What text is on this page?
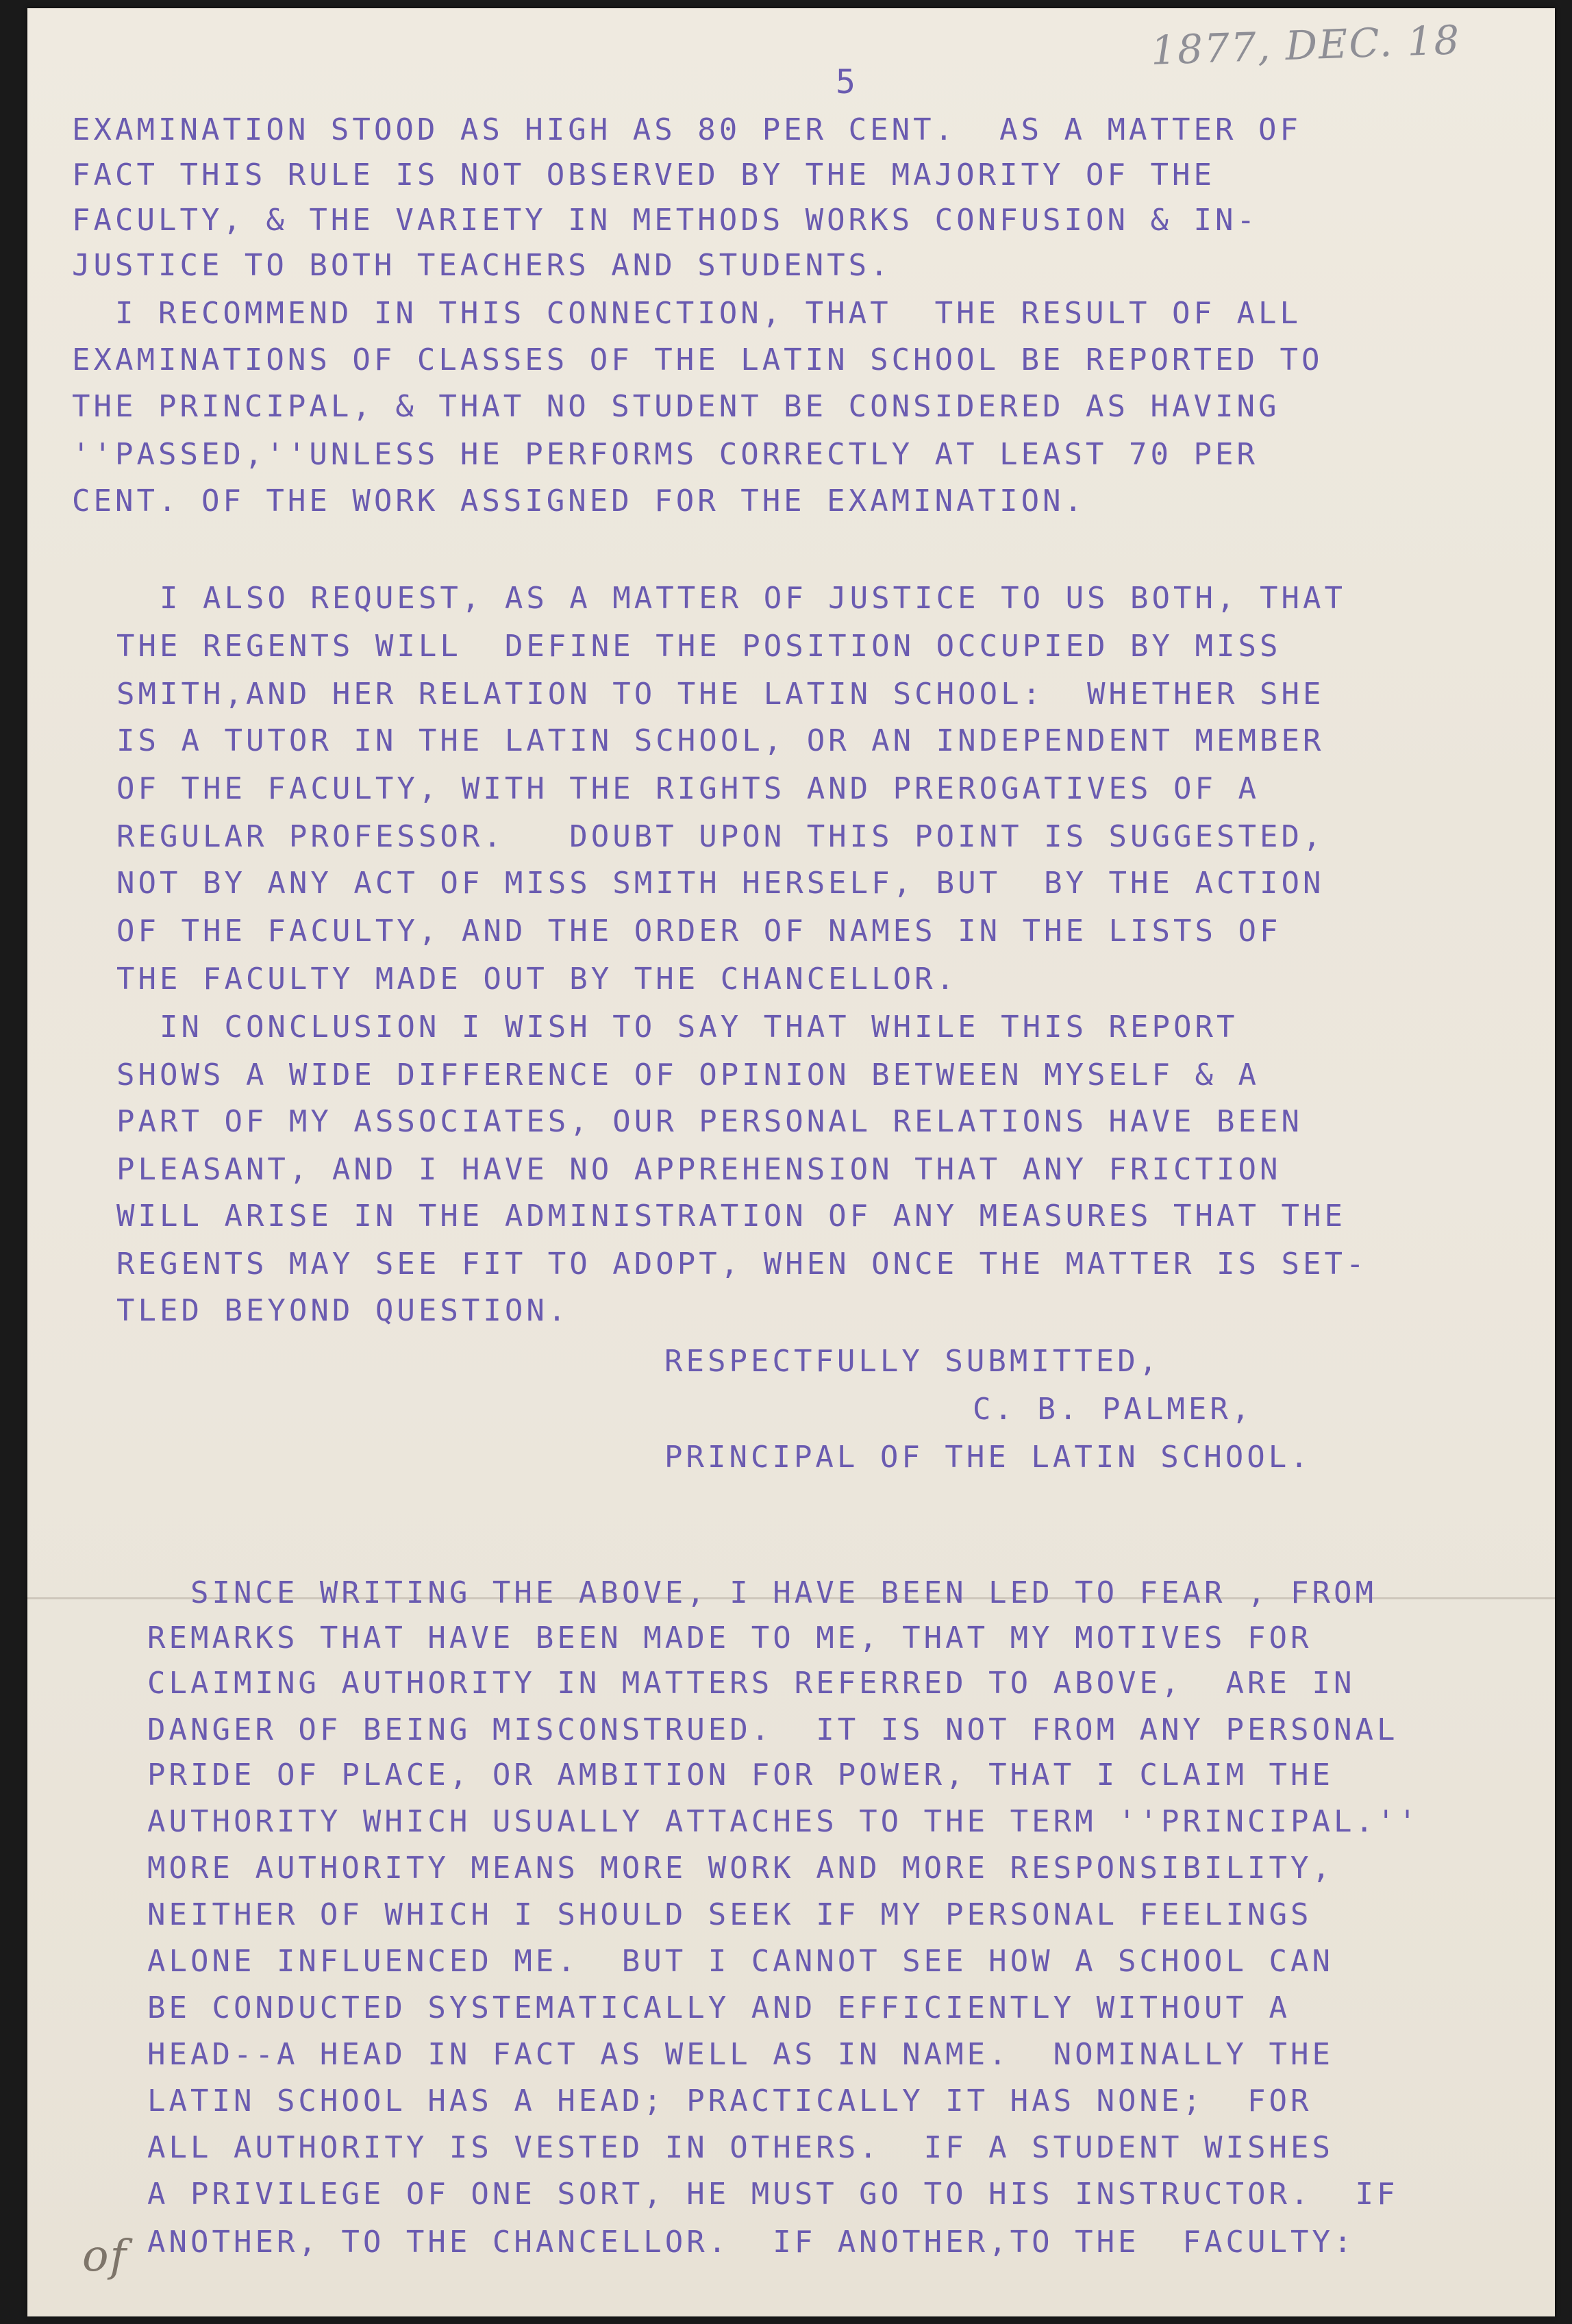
1877, DEC. 18
5
EXAMINATION STOOD AS HIGH AS 80 PER CENT.  AS A MATTER OF
FACT THIS RULE IS NOT OBSERVED BY THE MAJORITY OF THE
FACULTY, & THE VARIETY IN METHODS WORKS CONFUSION & IN-
JUSTICE TO BOTH TEACHERS AND STUDENTS.
I RECOMMEND IN THIS CONNECTION, THAT  THE RESULT OF ALL
EXAMINATIONS OF CLASSES OF THE LATIN SCHOOL BE REPORTED TO
THE PRINCIPAL, & THAT NO STUDENT BE CONSIDERED AS HAVING
''PASSED,''UNLESS HE PERFORMS CORRECTLY AT LEAST 70 PER
CENT. OF THE WORK ASSIGNED FOR THE EXAMINATION.
I ALSO REQUEST, AS A MATTER OF JUSTICE TO US BOTH, THAT
THE REGENTS WILL  DEFINE THE POSITION OCCUPIED BY MISS
SMITH,AND HER RELATION TO THE LATIN SCHOOL:  WHETHER SHE
IS A TUTOR IN THE LATIN SCHOOL, OR AN INDEPENDENT MEMBER
OF THE FACULTY, WITH THE RIGHTS AND PREROGATIVES OF A
REGULAR PROFESSOR.   DOUBT UPON THIS POINT IS SUGGESTED,
NOT BY ANY ACT OF MISS SMITH HERSELF, BUT  BY THE ACTION
OF THE FACULTY, AND THE ORDER OF NAMES IN THE LISTS OF
THE FACULTY MADE OUT BY THE CHANCELLOR.
IN CONCLUSION I WISH TO SAY THAT WHILE THIS REPORT
SHOWS A WIDE DIFFERENCE OF OPINION BETWEEN MYSELF & A
PART OF MY ASSOCIATES, OUR PERSONAL RELATIONS HAVE BEEN
PLEASANT, AND I HAVE NO APPREHENSION THAT ANY FRICTION
WILL ARISE IN THE ADMINISTRATION OF ANY MEASURES THAT THE
REGENTS MAY SEE FIT TO ADOPT, WHEN ONCE THE MATTER IS SET-
TLED BEYOND QUESTION.
RESPECTFULLY SUBMITTED,
C. B. PALMER,
PRINCIPAL OF THE LATIN SCHOOL.
SINCE WRITING THE ABOVE, I HAVE BEEN LED TO FEAR , FROM
REMARKS THAT HAVE BEEN MADE TO ME, THAT MY MOTIVES FOR
CLAIMING AUTHORITY IN MATTERS REFERRED TO ABOVE,  ARE IN
DANGER OF BEING MISCONSTRUED.  IT IS NOT FROM ANY PERSONAL
PRIDE OF PLACE, OR AMBITION FOR POWER, THAT I CLAIM THE
AUTHORITY WHICH USUALLY ATTACHES TO THE TERM ''PRINCIPAL.''
MORE AUTHORITY MEANS MORE WORK AND MORE RESPONSIBILITY,
NEITHER OF WHICH I SHOULD SEEK IF MY PERSONAL FEELINGS
ALONE INFLUENCED ME.  BUT I CANNOT SEE HOW A SCHOOL CAN
BE CONDUCTED SYSTEMATICALLY AND EFFICIENTLY WITHOUT A
HEAD--A HEAD IN FACT AS WELL AS IN NAME.  NOMINALLY THE
LATIN SCHOOL HAS A HEAD; PRACTICALLY IT HAS NONE;  FOR
ALL AUTHORITY IS VESTED IN OTHERS.  IF A STUDENT WISHES
A PRIVILEGE OF ONE SORT, HE MUST GO TO HIS INSTRUCTOR.  IF
ANOTHER, TO THE CHANCELLOR.  IF ANOTHER,TO THE  FACULTY:
of
